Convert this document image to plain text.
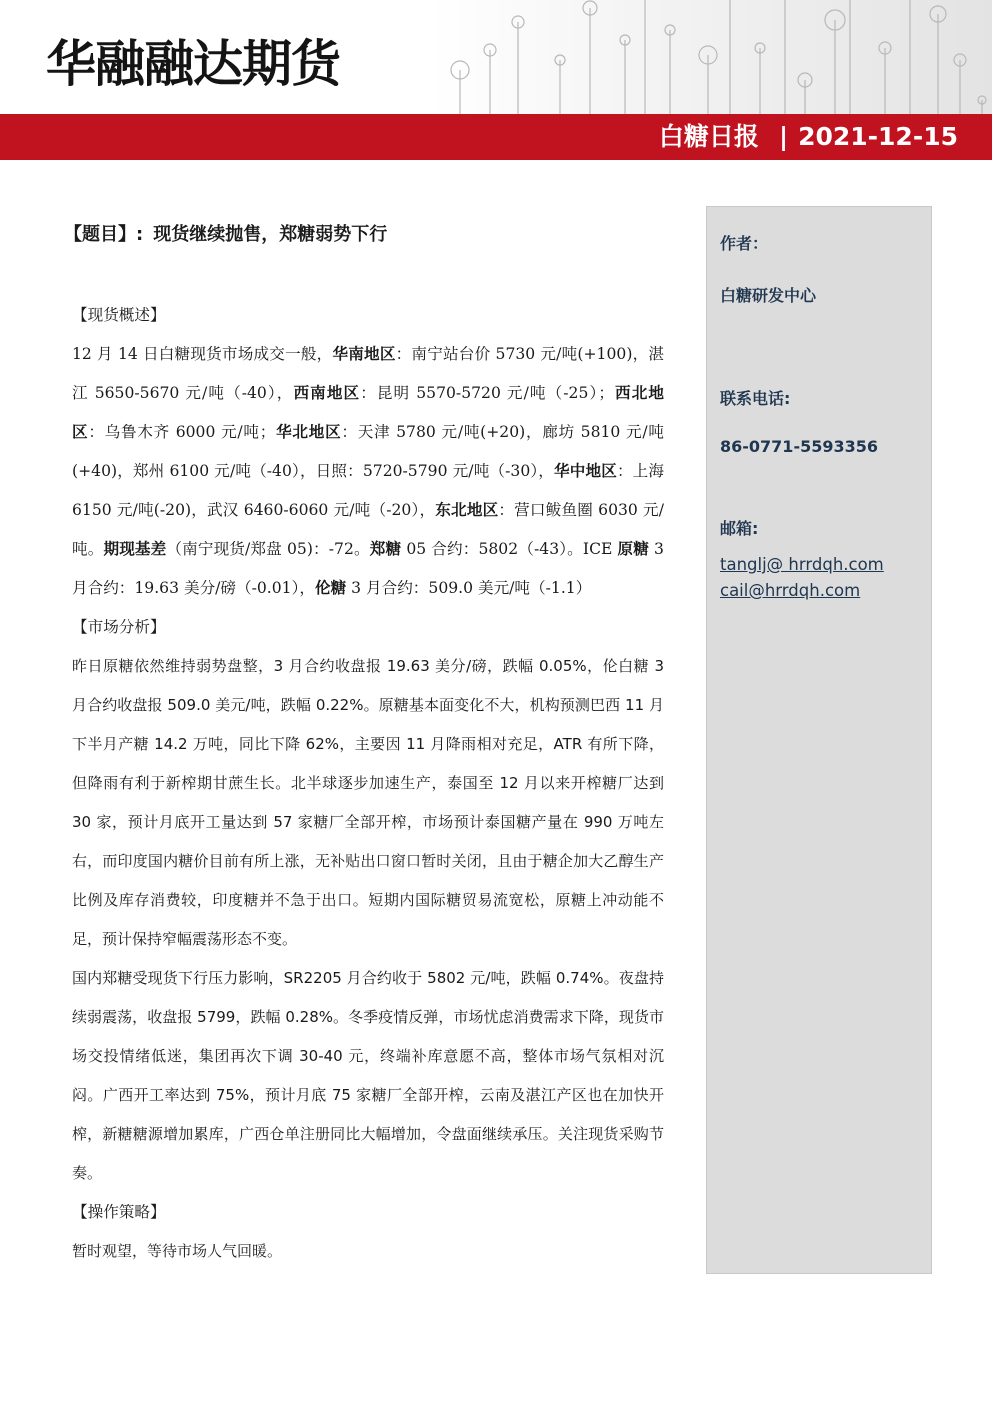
华融融达期货
白糖日报 | 2021-12-15
【题目】: 现货继续抛售，郑糖弱势下行

【现货概述】

12 月 14 日白糖现货市场成交一般，华南地区：南宁站台价 5730 元/吨(+100)，湛江 5650-5670 元/吨（-40），西南地区：昆明 5570-5720 元/吨（-25）；西北地区：乌鲁木齐 6000 元/吨；华北地区：天津 5780 元/吨(+20)，廊坊 5810 元/吨(+40)，郑州 6100 元/吨（-40），日照：5720-5790 元/吨（-30），华中地区：上海 6150 元/吨(-20)，武汉 6460-6060 元/吨（-20），东北地区：营口鲅鱼圈 6030 元/吨。期现基差（南宁现货/郑盘 05)：-72。郑糖 05 合约：5802（-43）。ICE 原糖 3 月合约：19.63 美分/磅（-0.01），伦糖 3 月合约：509.0 美元/吨（-1.1）

【市场分析】

昨日原糖依然维持弱势盘整，3 月合约收盘报 19.63 美分/磅，跌幅 0.05%，伦白糖 3 月合约收盘报 509.0 美元/吨，跌幅 0.22%。原糖基本面变化不大，机构预测巴西 11 月下半月产糖 14.2 万吨，同比下降 62%，主要因 11 月降雨相对充足，ATR 有所下降，但降雨有利于新榨期甘蔗生长。北半球逐步加速生产，泰国至 12 月以来开榨糖厂达到 30 家，预计月底开工量达到 57 家糖厂全部开榨，市场预计泰国糖产量在 990 万吨左右，而印度国内糖价目前有所上涨，无补贴出口窗口暂时关闭，且由于糖企加大乙醇生产比例及库存消费较，印度糖并不急于出口。短期内国际糖贸易流宽松，原糖上冲动能不足，预计保持窄幅震荡形态不变。

国内郑糖受现货下行压力影响，SR2205 月合约收于 5802 元/吨，跌幅 0.74%。夜盘持续弱震荡，收盘报 5799，跌幅 0.28%。冬季疫情反弹，市场忧虑消费需求下降，现货市场交投情绪低迷，集团再次下调 30-40 元，终端补库意愿不高，整体市场气氛相对沉闷。广西开工率达到 75%，预计月底 75 家糖厂全部开榨，云南及湛江产区也在加快开榨，新糖糖源增加累库，广西仓单注册同比大幅增加，令盘面继续承压。关注现货采购节奏。

【操作策略】

暂时观望，等待市场人气回暖。

作者：
白糖研发中心
联系电话:
86-0771-5593356
邮箱:
tanglj@ hrrdqh.com
cail@hrrdqh.com
